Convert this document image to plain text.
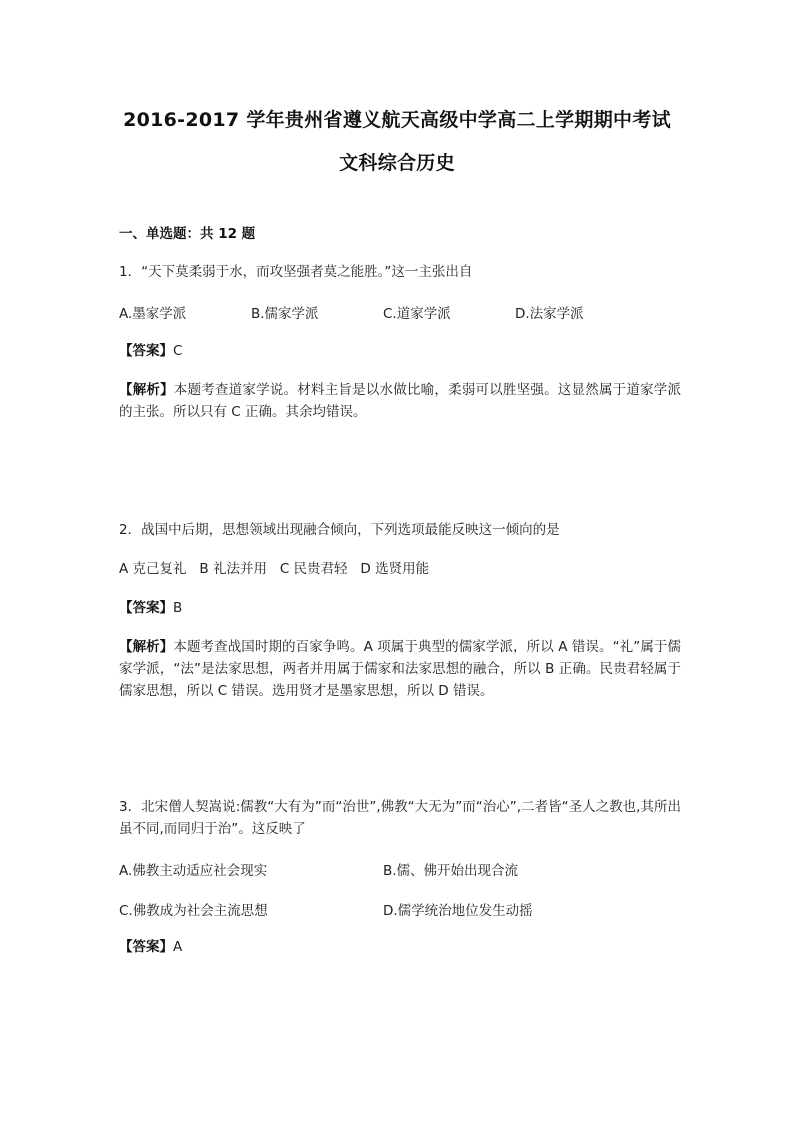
2016-2017 学年贵州省遵义航天高级中学高二上学期期中考试
文科综合历史
一、单选题：共 12 题
1．“天下莫柔弱于水，而攻坚强者莫之能胜。”这一主张出自
A.墨家学派	B.儒家学派	C.道家学派	D.法家学派
【答案】C
【解析】本题考查道家学说。材料主旨是以水做比喻，柔弱可以胜坚强。这显然属于道家学派的主张。所以只有 C 正确。其余均错误。
2．战国中后期，思想领域出现融合倾向，下列选项最能反映这一倾向的是
A 克己复礼   B 礼法并用   C 民贵君轻   D 选贤用能
【答案】B
【解析】本题考查战国时期的百家争鸣。A 项属于典型的儒家学派，所以 A 错误。“礼”属于儒家学派，“法”是法家思想，两者并用属于儒家和法家思想的融合，所以 B 正确。民贵君轻属于儒家思想，所以 C 错误。选用贤才是墨家思想，所以 D 错误。
3．北宋僧人契嵩说:儒教“大有为”而“治世”,佛教“大无为”而“治心”,二者皆“圣人之教也,其所出虽不同,而同归于治”。这反映了
A.佛教主动适应社会现实	B.儒、佛开始出现合流
C.佛教成为社会主流思想	D.儒学统治地位发生动摇
【答案】A
